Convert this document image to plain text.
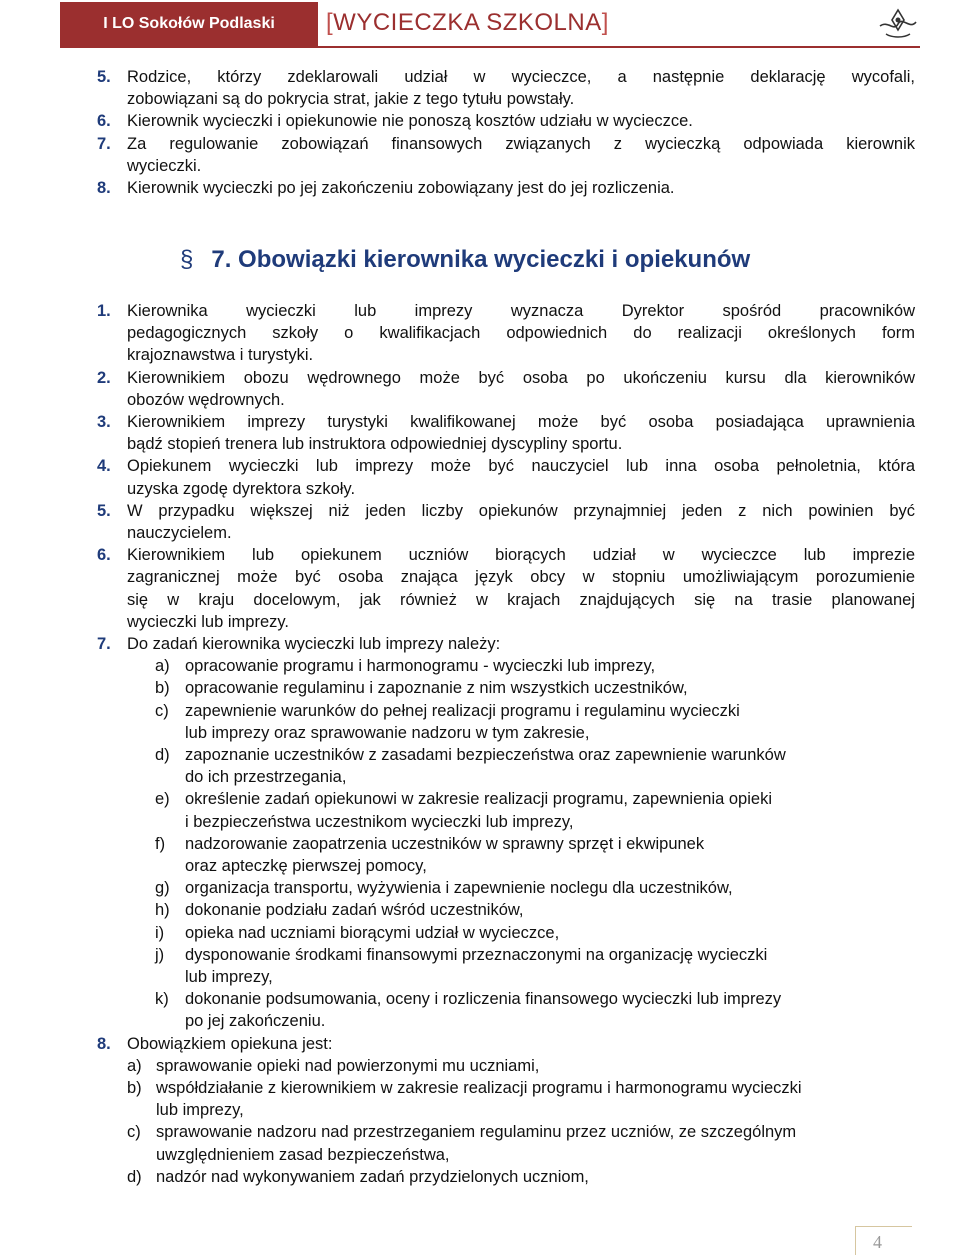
I LO Sokołów Podlaski	[WYCIECZKA SZKOLNA]
§ 7. Obowiązki kierownika wycieczki i opiekunów
5. Rodzice, którzy zdeklarowali udział w wycieczce, a następnie deklarację wycofali,
zobowiązani są do pokrycia strat, jakie z tego tytułu powstały.
6. Kierownik wycieczki i opiekunowie nie ponoszą kosztów udziału w wycieczce.
7. Za regulowanie zobowiązań finansowych związanych z wycieczką odpowiada kierownik
wycieczki.
8. Kierownik wycieczki po jej zakończeniu zobowiązany jest do jej rozliczenia.
1. Kierownika wycieczki lub imprezy wyznacza Dyrektor spośród pracowników
pedagogicznych szkoły o kwalifikacjach odpowiednich do realizacji określonych form
krajoznawstwa i turystyki.
2. Kierownikiem obozu wędrownego może być osoba po ukończeniu kursu dla kierowników
obozów wędrownych.
3. Kierownikiem imprezy turystyki kwalifikowanej może być osoba posiadająca uprawnienia
bądź stopień trenera lub instruktora odpowiedniej dyscypliny sportu.
4. Opiekunem wycieczki lub imprezy może być nauczyciel lub inna osoba pełnoletnia, która
uzyska zgodę dyrektora szkoły.
5. W przypadku większej niż jeden liczby opiekunów przynajmniej jeden z nich powinien być
nauczycielem.
6. Kierownikiem lub opiekunem uczniów biorących udział w wycieczce lub imprezie
zagranicznej może być osoba znająca język obcy w stopniu umożliwiającym porozumienie
się w kraju docelowym, jak również w krajach znajdujących się na trasie planowanej
wycieczki lub imprezy.
7. Do zadań kierownika wycieczki lub imprezy należy:
a) opracowanie programu i harmonogramu - wycieczki lub imprezy,
b) opracowanie regulaminu i zapoznanie z nim wszystkich uczestników,
c) zapewnienie warunków do pełnej realizacji programu i regulaminu wycieczki
lub imprezy oraz sprawowanie nadzoru w tym zakresie,
d) zapoznanie uczestników z zasadami bezpieczeństwa oraz zapewnienie warunków
do ich przestrzegania,
e) określenie zadań opiekunowi w zakresie realizacji programu, zapewnienia opieki
i bezpieczeństwa uczestnikom wycieczki lub imprezy,
f) nadzorowanie zaopatrzenia uczestników w sprawny sprzęt i ekwipunek
oraz apteczkę pierwszej pomocy,
g) organizacja transportu, wyżywienia i zapewnienie noclegu dla uczestników,
h) dokonanie podziału zadań wśród uczestników,
i) opieka nad uczniami biorącymi udział w wycieczce,
j) dysponowanie środkami finansowymi przeznaczonymi na organizację wycieczki
lub imprezy,
k) dokonanie podsumowania, oceny i rozliczenia finansowego wycieczki lub imprezy
po jej zakończeniu.
8. Obowiązkiem opiekuna jest:
a) sprawowanie opieki nad powierzonymi mu uczniami,
b) współdziałanie z kierownikiem w zakresie realizacji programu i harmonogramu wycieczki
lub imprezy,
c) sprawowanie nadzoru nad przestrzeganiem regulaminu przez uczniów, ze szczególnym
uwzględnieniem zasad bezpieczeństwa,
d) nadzór nad wykonywaniem zadań przydzielonych uczniom,
4
